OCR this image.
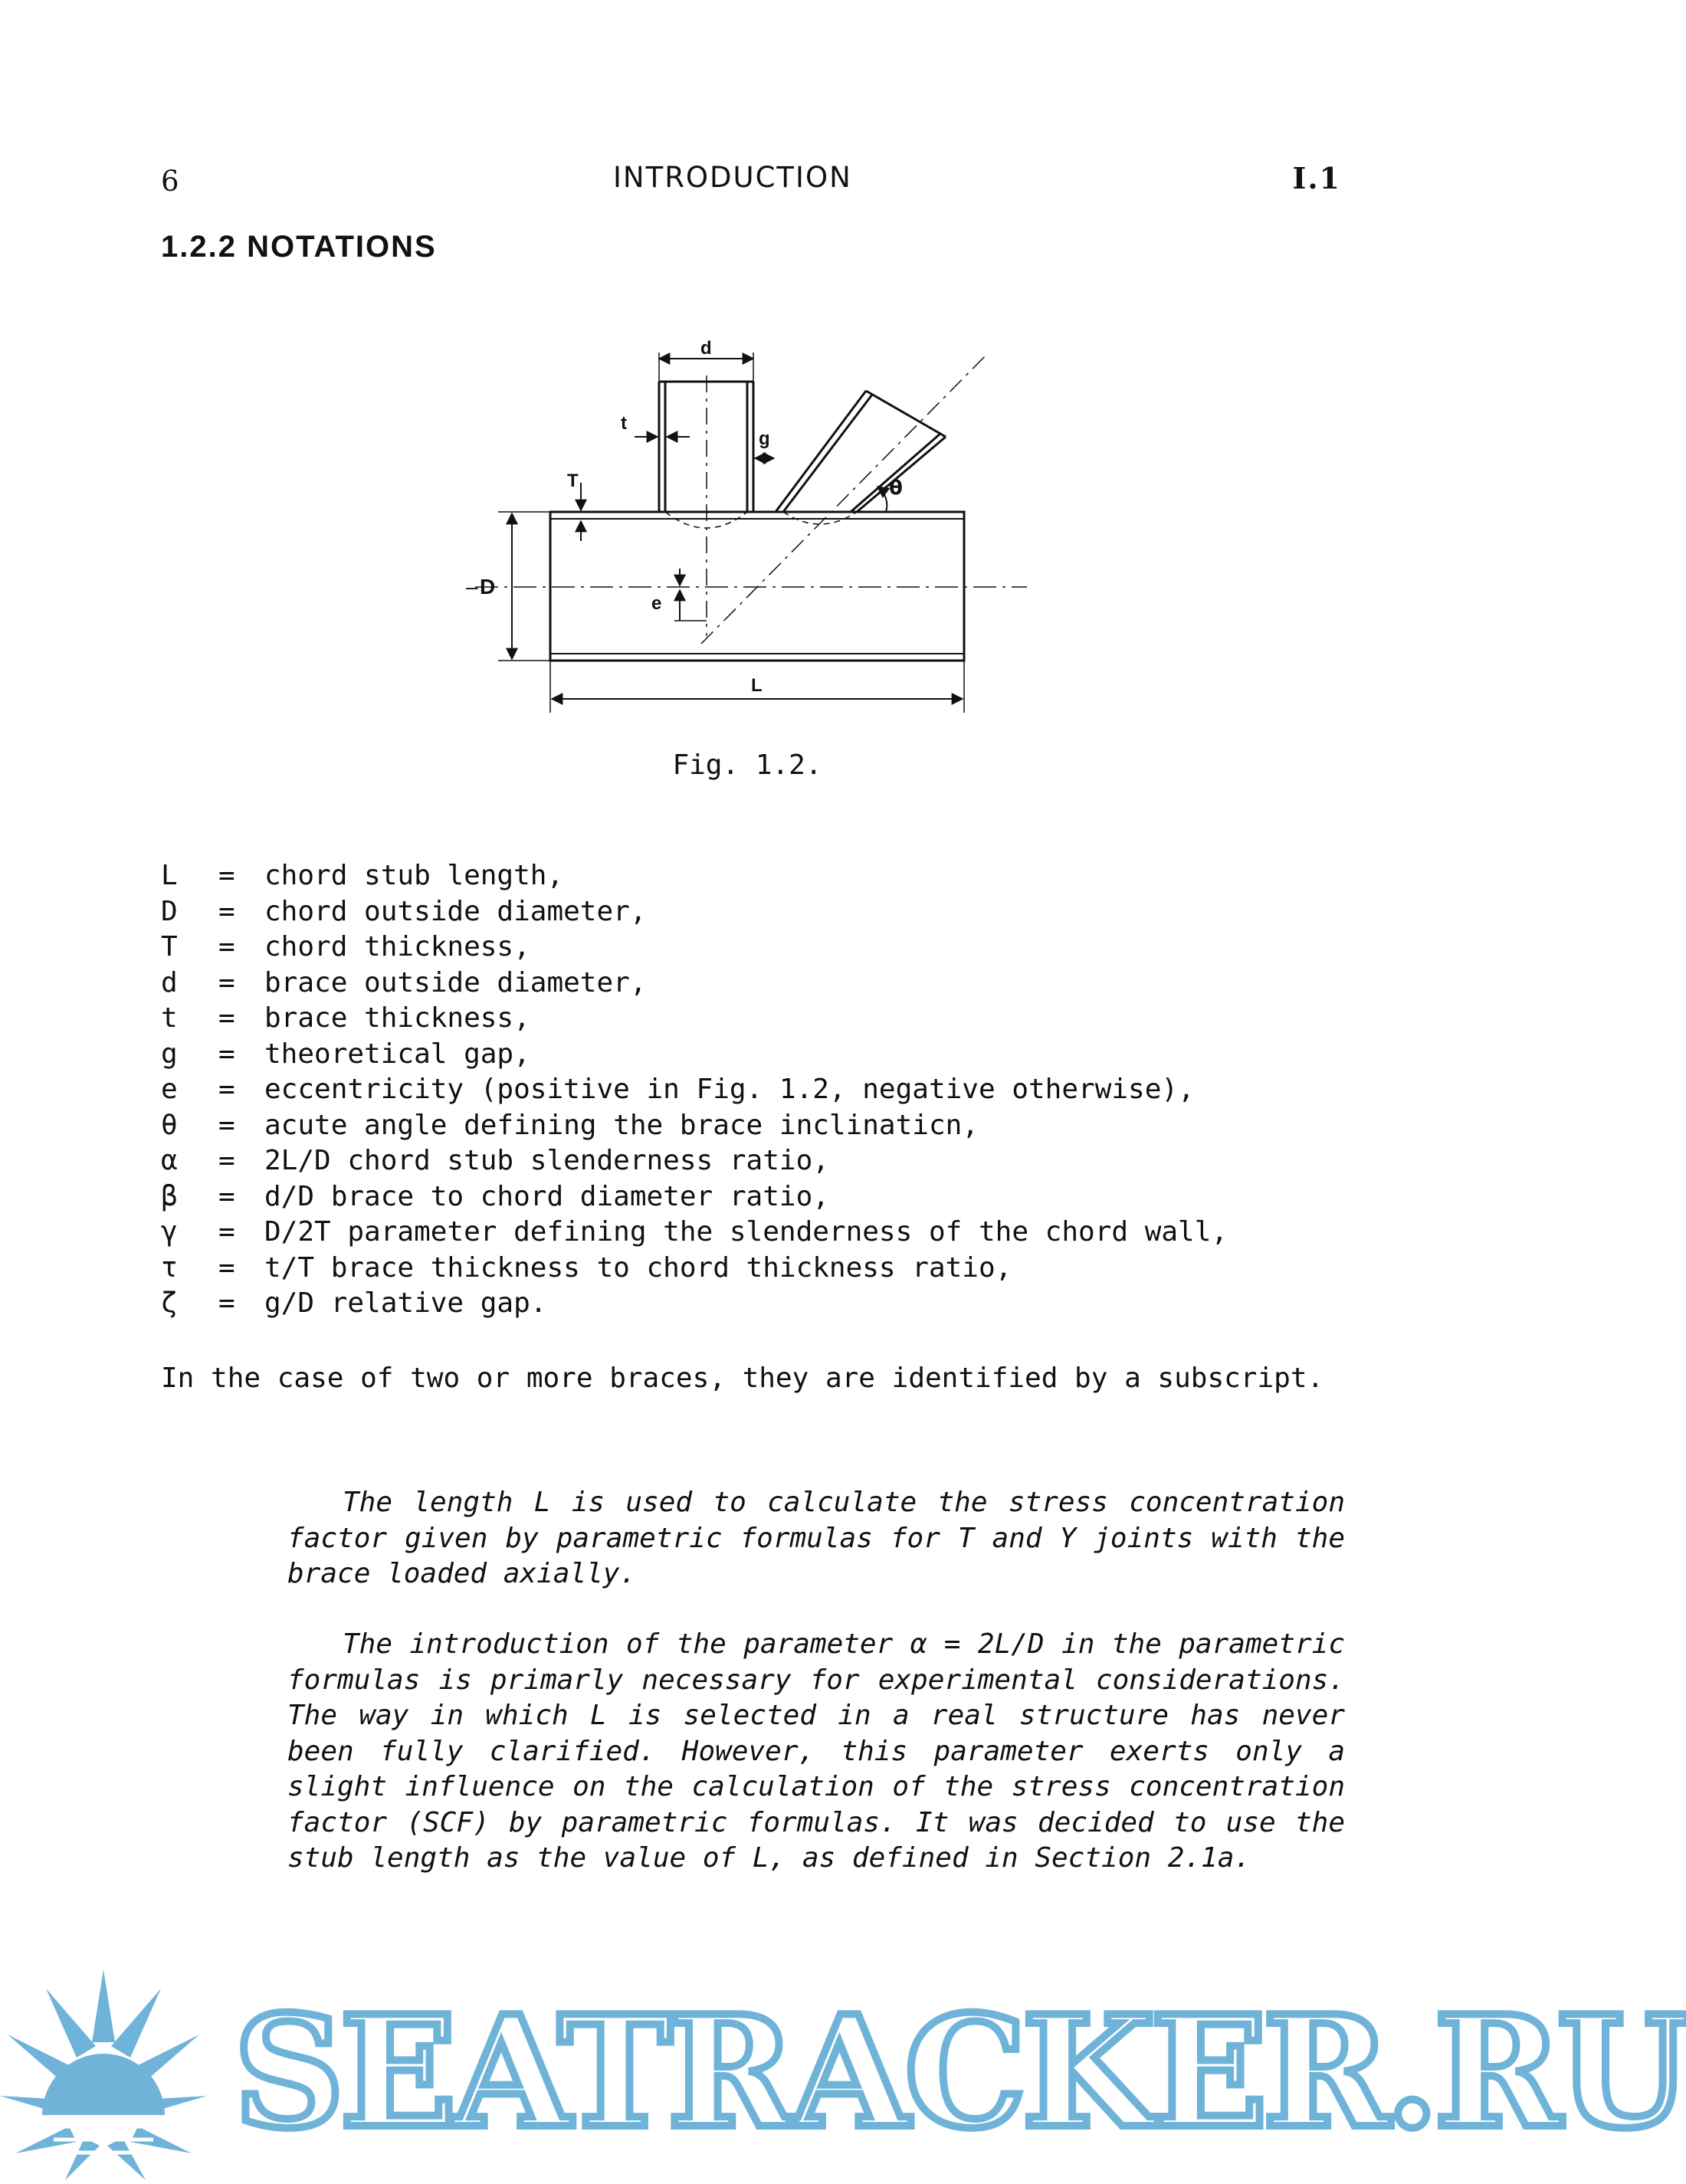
6	INTRODUCTION	I.1
1.2.2 NOTATIONS
d
t
g
T	θ
– D
e
L
Fig. 1.2.
L	=	chord stub length,
D	=	chord outside diameter,
T	=	chord thickness,
d	=	brace outside diameter,
t	=	brace thickness,
g	=	theoretical gap,
e	=	eccentricity (positive in Fig. 1.2, negative otherwise),
θ	=	acute angle defining the brace inclinaticn,
α	=	2L/D chord stub slenderness ratio,
β	=	d/D brace to chord diameter ratio,
γ	=	D/2T parameter defining the slenderness of the chord wall,
τ	=	t/T brace thickness to chord thickness ratio,
ζ	=	g/D relative gap.
In the case of two or more braces, they are identified by a subscript.

The length L is used to calculate the stress concentration factor given by parametric formulas for T and Y joints with the brace loaded axially.

The introduction of the parameter α = 2L/D in the parametric formulas is primarly necessary for experimental considerations. The way in which L is selected in a real structure has never been fully clarified. However, this parameter exerts only a slight influence on the calculation of the stress concentration factor (SCF) by parametric formulas. It was decided to use the stub length as the value of L, as defined in Section 2.1a.

SEATRACKER.RU
